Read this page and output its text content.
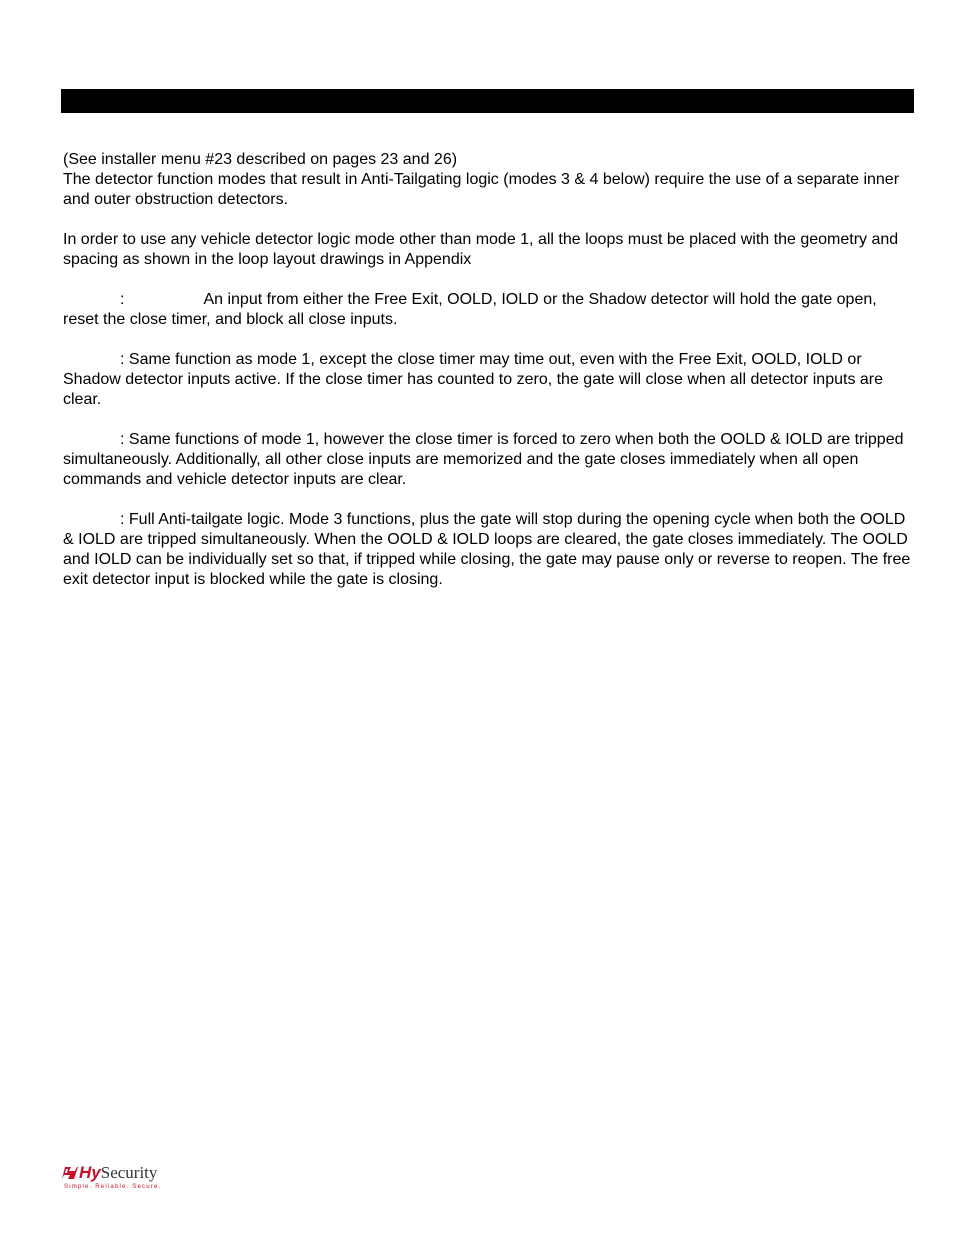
(See installer menu #23 described on pages 23 and 26)

The detector function modes that result in Anti-Tailgating logic (modes 3 & 4 below) require the use of a separate inner and outer obstruction detectors.

In order to use any vehicle detector logic mode other than mode 1, all the loops must be placed with the geometry and spacing as shown in the loop layout drawings in Appendix

:	An input from either the Free Exit, OOLD, IOLD or the Shadow detector will hold the gate open, reset the close timer, and block all close inputs.

: Same function as mode 1, except the close timer may time out, even with the Free Exit, OOLD, IOLD or Shadow detector inputs active. If the close timer has counted to zero, the gate will close when all detector inputs are clear.

: Same functions of mode 1, however the close timer is forced to zero when both the OOLD & IOLD are tripped simultaneously. Additionally, all other close inputs are memorized and the gate closes immediately when all open commands and vehicle detector inputs are clear.

: Full Anti-tailgate logic. Mode 3 functions, plus the gate will stop during the opening cycle when both the OOLD & IOLD are tripped simultaneously. When the OOLD & IOLD loops are cleared, the gate closes immediately. The OOLD and IOLD can be individually set so that, if tripped while closing, the gate may pause only or reverse to reopen. The free exit detector input is blocked while the gate is closing.

HySecurity
Simple. Reliable. Secure.
